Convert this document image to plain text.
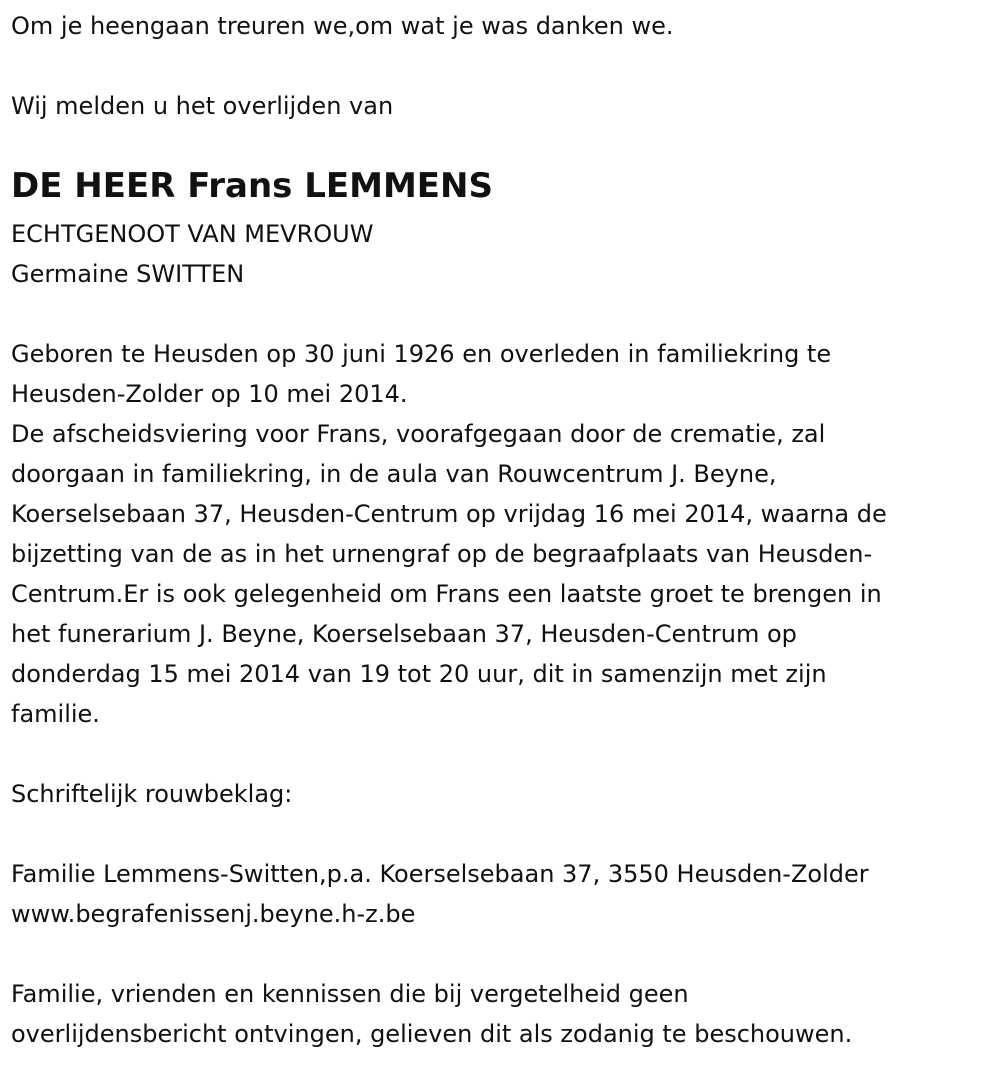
Om je heengaan treuren we,om wat je was danken we.

Wij melden u het overlijden van

DE HEER Frans LEMMENS

ECHTGENOOT VAN MEVROUW

Germaine SWITTEN

Geboren te Heusden op 30 juni 1926 en overleden in familiekring te
Heusden-Zolder op 10 mei 2014.
De afscheidsviering voor Frans, voorafgegaan door de crematie, zal
doorgaan in familiekring, in de aula van Rouwcentrum J. Beyne,
Koerselsebaan 37, Heusden-Centrum op vrijdag 16 mei 2014, waarna de
bijzetting van de as in het urnengraf op de begraafplaats van Heusden-
Centrum.Er is ook gelegenheid om Frans een laatste groet te brengen in
het funerarium J. Beyne, Koerselsebaan 37, Heusden-Centrum op
donderdag 15 mei 2014 van 19 tot 20 uur, dit in samenzijn met zijn
familie.

Schriftelijk rouwbeklag:

Familie Lemmens-Switten,p.a. Koerselsebaan 37, 3550 Heusden-Zolder

www.begrafenissenj.beyne.h-z.be

Familie, vrienden en kennissen die bij vergetelheid geen
overlijdensbericht ontvingen, gelieven dit als zodanig te beschouwen.
